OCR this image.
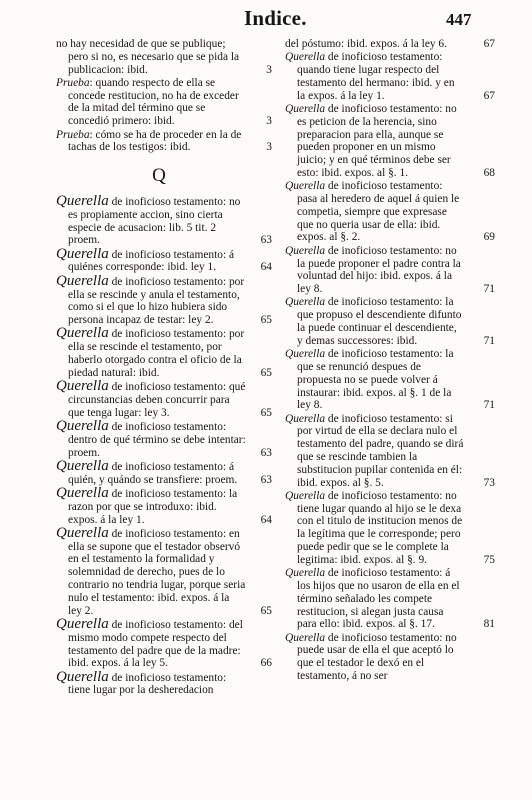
Indice.	447
no hay necesidad de que se publique; pero si no, es necesario que se pida la publicacion: ibid.	3
Prueba: quando respecto de ella se concede restitucion, no ha de exceder de la mitad del término que se concedió primero: ibid.	3
Prueba: cómo se ha de proceder en la de tachas de los testigos: ibid.	3
Q
Querella de inoficioso testamento: no es propiamente accion, sino cierta especie de acusacion: lib. 5 tit. 2 proem.	63
Querella de inoficioso testamento: á quiénes corresponde: ibid. ley 1.	64
Querella de inoficioso testamento: por ella se rescinde y anula el testamento, como si el que lo hizo hubiera sido persona incapaz de testar: ley 2.	65
Querella de inoficioso testamento: por ella se rescinde el testamento, por haberlo otorgado contra el oficio de la piedad natural: ibid.	65
Querella de inoficioso testamento: qué circunstancias deben concurrir para que tenga lugar: ley 3.	65
Querella de inoficioso testamento: dentro de qué término se debe intentar: proem.	63
Querella de inoficioso testamento: á quién, y quándo se transfiere: proem.	63
Querella de inoficioso testamento: la razon por que se introduxo: ibid. expos. á la ley 1.	64
Querella de inoficioso testamento: en ella se supone que el testador observó en el testamento la formalidad y solemnidad de derecho, pues de lo contrario no tendria lugar, porque seria nulo el testamento: ibid. expos. á la ley 2.	65
Querella de inoficioso testamento: del mismo modo compete respecto del testamento del padre que de la madre: ibid. expos. á la ley 5.	66
Querella de inoficioso testamento: tiene lugar por la desheredacion
del póstumo: ibid. expos. á la ley 6.	67
Querella de inoficioso testamento: quando tiene lugar respecto del testamento del hermano: ibid. y en la expos. á la ley 1.	67
Querella de inoficioso testamento: no es peticion de la herencia, sino preparacion para ella, aunque se pueden proponer en un mismo juicio; y en qué términos debe ser esto: ibid. expos. al §. 1.	68
Querella de inoficioso testamento: pasa al heredero de aquel á quien le competia, siempre que expresase que no queria usar de ella: ibid. expos. al §. 2.	69
Querella de inoficioso testamento: no la puede proponer el padre contra la voluntad del hijo: ibid. expos. á la ley 8.	71
Querella de inoficioso testamento: la que propuso el descendiente difunto la puede continuar el descendiente, y demas successores: ibid.	71
Querella de inoficioso testamento: la que se renunció despues de propuesta no se puede volver á instaurar: ibid. expos. al §. 1 de la ley 8.	71
Querella de inoficioso testamento: si por virtud de ella se declara nulo el testamento del padre, quando se dirá que se rescinde tambien la substitucion pupilar contenida en él: ibid. expos. al §. 5.	73
Querella de inoficioso testamento: no tiene lugar quando al hijo se le dexa con el titulo de institucion menos de la legítima que le corresponde; pero puede pedir que se le complete la legitima: ibid. expos. al §. 9.	75
Querella de inoficioso testamento: á los hijos que no usaron de ella en el término señalado les compete restitucion, si alegan justa causa para ello: ibid. expos. al §. 17.	81
Querella de inoficioso testamento: no puede usar de ella el que aceptó lo que el testador le dexó en el testamento, á no ser
